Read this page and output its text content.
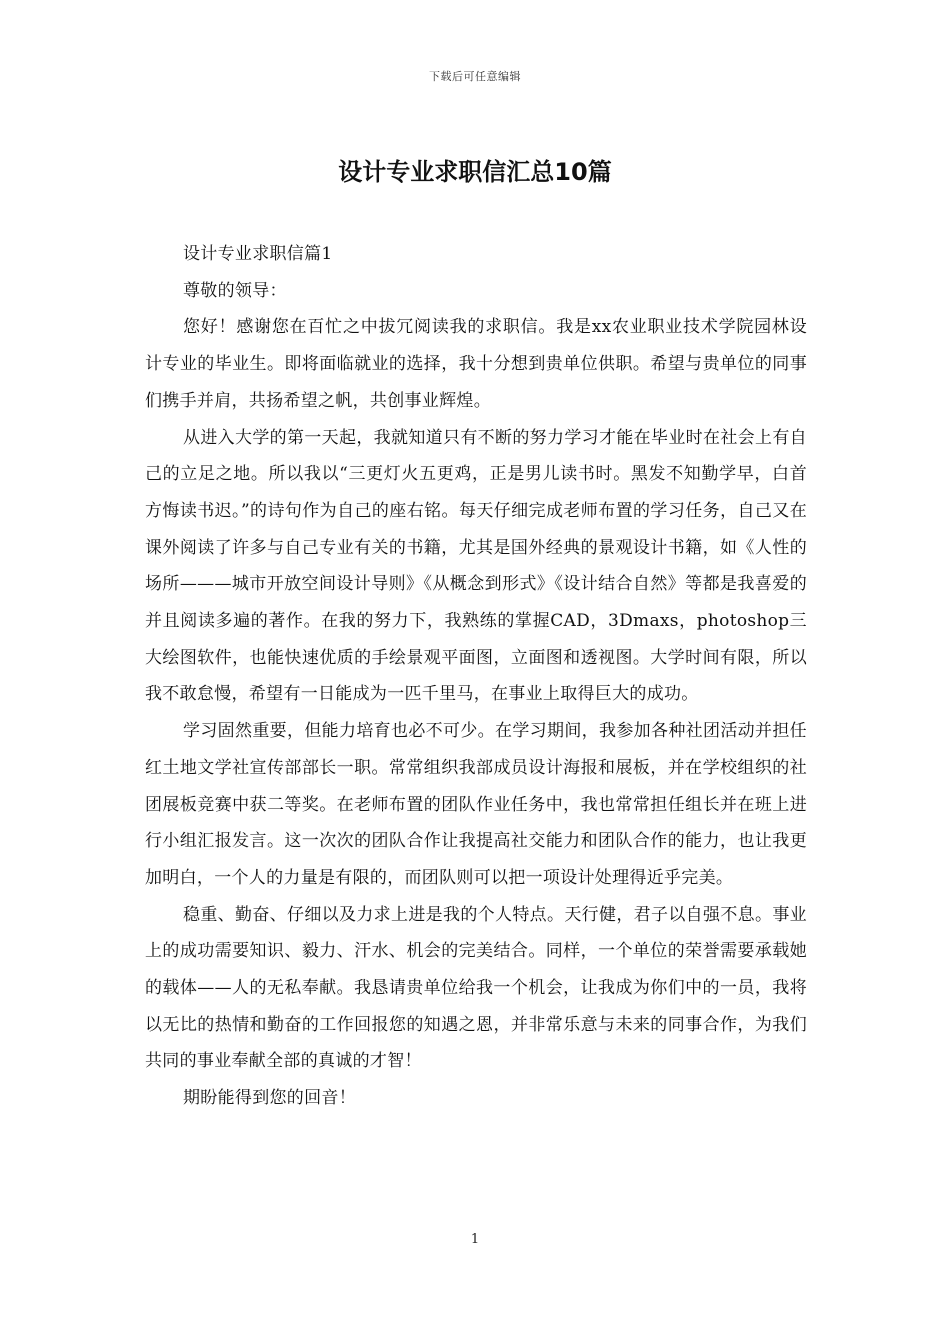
下载后可任意编辑
设计专业求职信汇总10篇

设计专业求职信篇1

尊敬的领导：

您好！感谢您在百忙之中拔冗阅读我的求职信。我是xx农业职业技术学院园林设计专业的毕业生。即将面临就业的选择，我十分想到贵单位供职。希望与贵单位的同事们携手并肩，共扬希望之帆，共创事业辉煌。

从进入大学的第一天起，我就知道只有不断的努力学习才能在毕业时在社会上有自己的立足之地。所以我以“三更灯火五更鸡，正是男儿读书时。黑发不知勤学早，白首方悔读书迟。”的诗句作为自己的座右铭。每天仔细完成老师布置的学习任务，自己又在课外阅读了许多与自己专业有关的书籍，尤其是国外经典的景观设计书籍，如《人性的场所———城市开放空间设计导则》《从概念到形式》《设计结合自然》等都是我喜爱的并且阅读多遍的著作。在我的努力下，我熟练的掌握CAD，3Dmaxs，photoshop三大绘图软件，也能快速优质的手绘景观平面图，立面图和透视图。大学时间有限，所以我不敢怠慢，希望有一日能成为一匹千里马，在事业上取得巨大的成功。

学习固然重要，但能力培育也必不可少。在学习期间，我参加各种社团活动并担任红土地文学社宣传部部长一职。常常组织我部成员设计海报和展板，并在学校组织的社团展板竞赛中获二等奖。在老师布置的团队作业任务中，我也常常担任组长并在班上进行小组汇报发言。这一次次的团队合作让我提高社交能力和团队合作的能力，也让我更加明白，一个人的力量是有限的，而团队则可以把一项设计处理得近乎完美。

稳重、勤奋、仔细以及力求上进是我的个人特点。天行健，君子以自强不息。事业上的成功需要知识、毅力、汗水、机会的完美结合。同样，一个单位的荣誉需要承载她的载体——人的无私奉献。我恳请贵单位给我一个机会，让我成为你们中的一员，我将以无比的热情和勤奋的工作回报您的知遇之恩，并非常乐意与未来的同事合作，为我们共同的事业奉献全部的真诚的才智！

期盼能得到您的回音！

1
